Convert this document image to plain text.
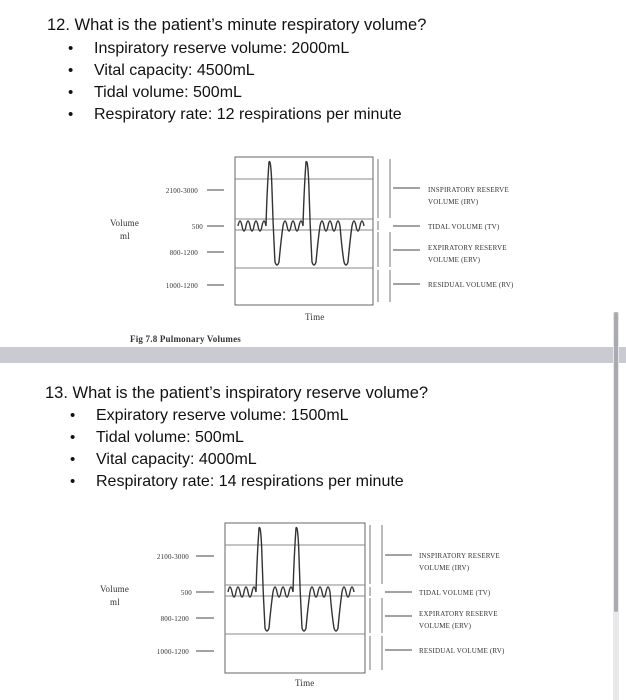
12. What is the patient’s minute respiratory volume?
• Inspiratory reserve volume: 2000mL
• Vital capacity: 4500mL
• Tidal volume: 500mL
• Respiratory rate: 12 respirations per minute
Volume
ml
2100-3000
500
800-1200
1000-1200
INSPIRATORY RESERVE
VOLUME (IRV)
TIDAL VOLUME (TV)
EXPIRATORY RESERVE
VOLUME (ERV)
RESIDUAL VOLUME (RV)
Time
Fig 7.8 Pulmonary Volumes
13. What is the patient’s inspiratory reserve volume?
• Expiratory reserve volume: 1500mL
• Tidal volume: 500mL
• Vital capacity: 4000mL
• Respiratory rate: 14 respirations per minute
Volume
ml
2100-3000
500
800-1200
1000-1200
INSPIRATORY RESERVE
VOLUME (IRV)
TIDAL VOLUME (TV)
EXPIRATORY RESERVE
VOLUME (ERV)
RESIDUAL VOLUME (RV)
Time
